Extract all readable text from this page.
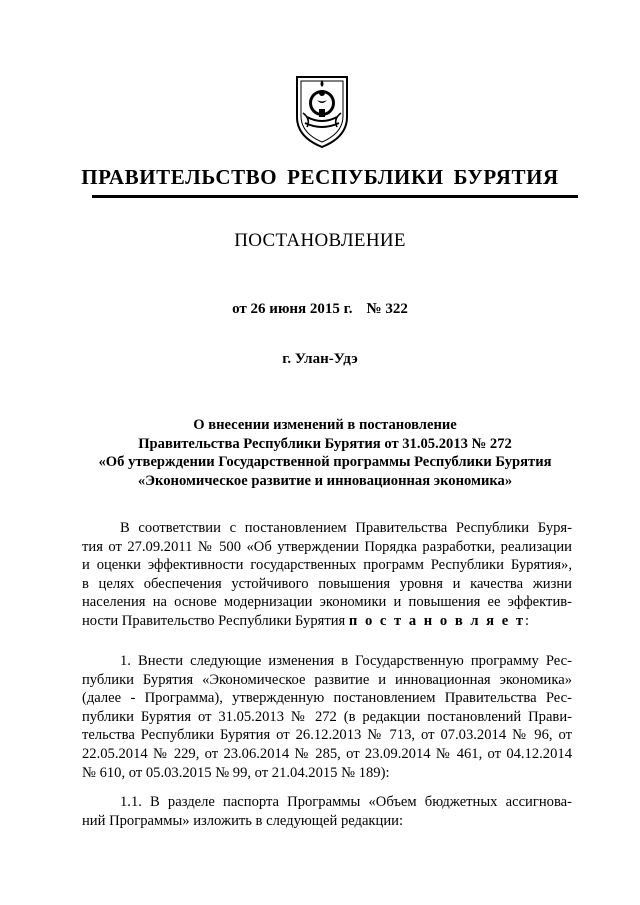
ПРАВИТЕЛЬСТВО РЕСПУБЛИКИ БУРЯТИЯ
ПОСТАНОВЛЕНИЕ
от 26 июня 2015 г. № 322
г. Улан-Удэ
О внесении изменений в постановление
Правительства Республики Бурятия от 31.05.2013 № 272
«Об утверждении Государственной программы Республики Бурятия
«Экономическое развитие и инновационная экономика»
В соответствии с постановлением Правительства Республики Буря-
тия от 27.09.2011 № 500 «Об утверждении Порядка разработки, реализации
и оценки эффективности государственных программ Республики Бурятия»,
в целях обеспечения устойчивого повышения уровня и качества жизни
населения на основе модернизации экономики и повышения ее эффектив-
ности Правительство Республики Бурятия п о с т а н о в л я е т:
1. Внести следующие изменения в Государственную программу Рес-
публики Бурятия «Экономическое развитие и инновационная экономика»
(далее - Программа), утвержденную постановлением Правительства Рес-
публики Бурятия от 31.05.2013 № 272 (в редакции постановлений Прави-
тельства Республики Бурятия от 26.12.2013 № 713, от 07.03.2014 № 96, от
22.05.2014 № 229, от 23.06.2014 № 285, от 23.09.2014 № 461, от 04.12.2014
№ 610, от 05.03.2015 № 99, от 21.04.2015 № 189):
1.1. В разделе паспорта Программы «Объем бюджетных ассигнова-
ний Программы» изложить в следующей редакции:
